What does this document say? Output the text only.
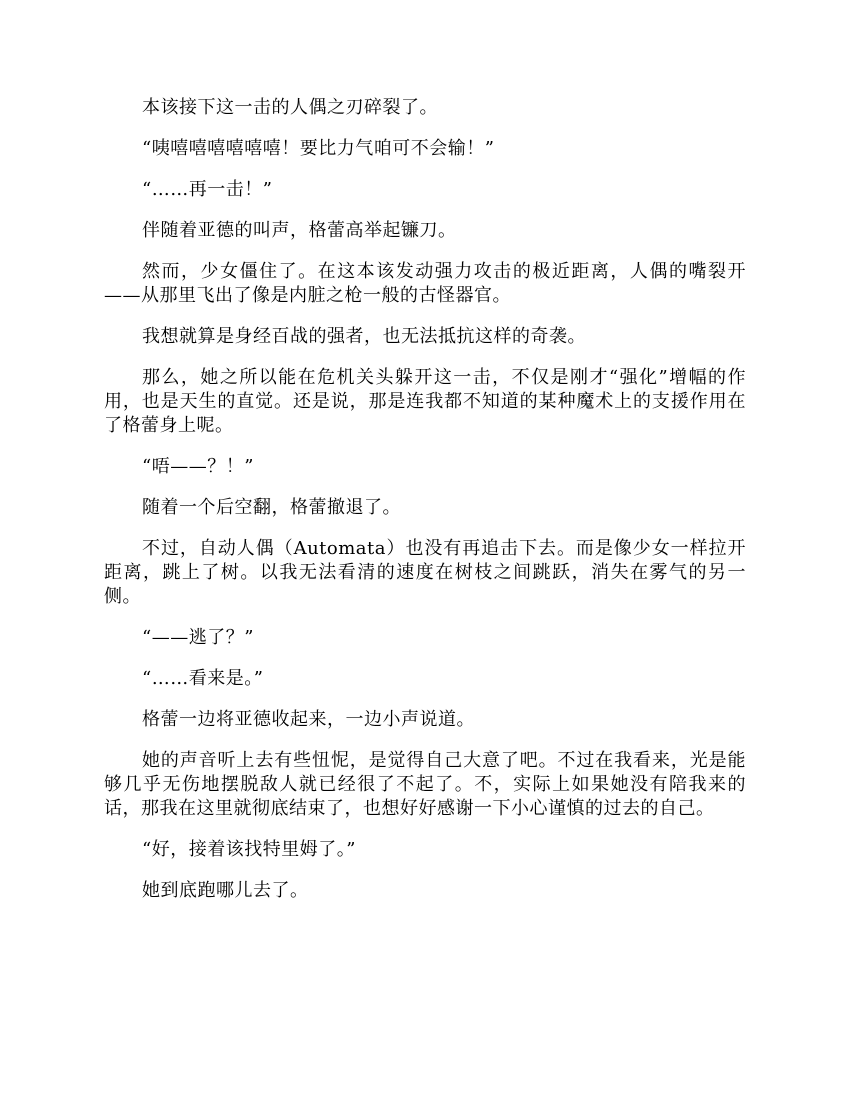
本该接下这一击的人偶之刃碎裂了。

“咦嘻嘻嘻嘻嘻嘻！要比力气咱可不会输！”

“……再一击！”

伴随着亚德的叫声，格蕾高举起镰刀。

然而，少女僵住了。在这本该发动强力攻击的极近距离，人偶的嘴裂开——从那里飞出了像是内脏之枪一般的古怪器官。

我想就算是身经百战的强者，也无法抵抗这样的奇袭。

那么，她之所以能在危机关头躲开这一击，不仅是刚才“强化”增幅的作用，也是天生的直觉。还是说，那是连我都不知道的某种魔术上的支援作用在了格蕾身上呢。

“唔——？！”

随着一个后空翻，格蕾撤退了。

不过，自动人偶（Automata）也没有再追击下去。而是像少女一样拉开距离，跳上了树。以我无法看清的速度在树枝之间跳跃，消失在雾气的另一侧。

“——逃了？”

“……看来是。”

格蕾一边将亚德收起来，一边小声说道。

她的声音听上去有些忸怩，是觉得自己大意了吧。不过在我看来，光是能够几乎无伤地摆脱敌人就已经很了不起了。不，实际上如果她没有陪我来的话，那我在这里就彻底结束了，也想好好感谢一下小心谨慎的过去的自己。

“好，接着该找特里姆了。”

她到底跑哪儿去了。
